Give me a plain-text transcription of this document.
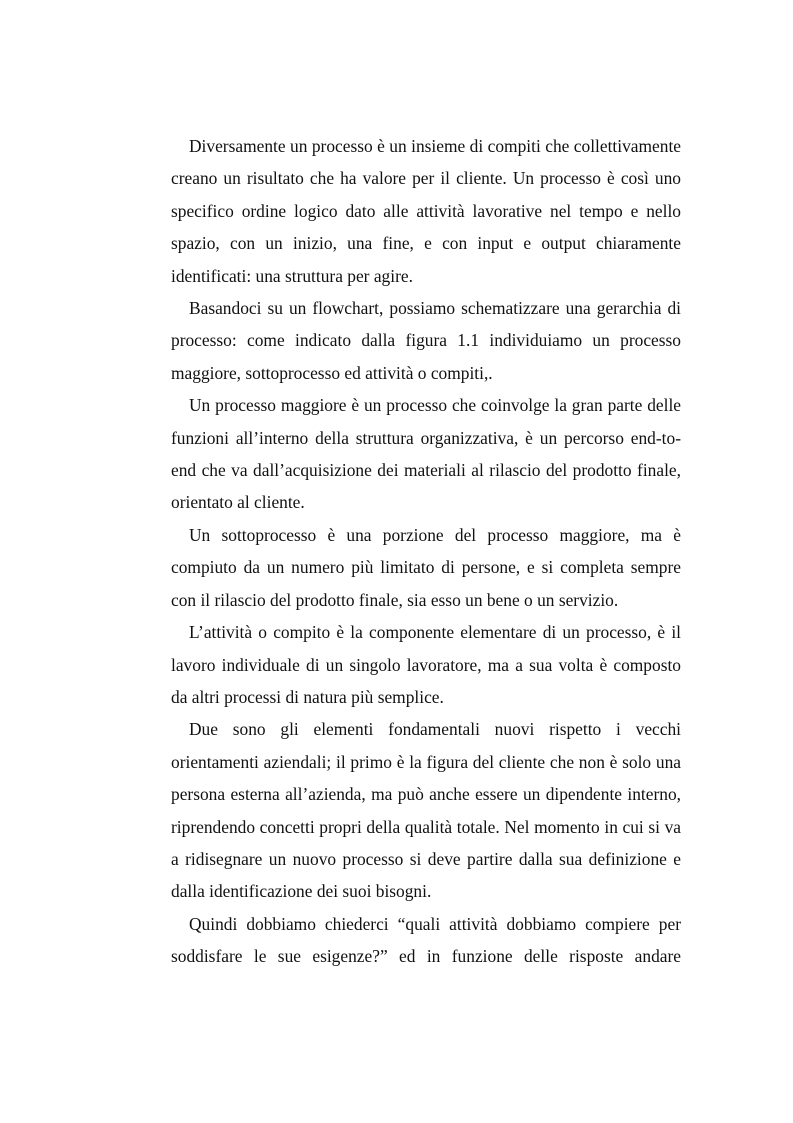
Diversamente un processo è un insieme di compiti che collettivamente creano un risultato che ha valore per il cliente. Un processo è così uno specifico ordine logico dato alle attività lavorative nel tempo e nello spazio, con un inizio, una fine, e con input e output chiaramente identificati: una struttura per agire.

Basandoci su un flowchart, possiamo schematizzare una gerarchia di processo: come indicato dalla figura 1.1 individuiamo un processo maggiore, sottoprocesso ed attività o compiti,.

Un processo maggiore è un processo che coinvolge la gran parte delle funzioni all’interno della struttura organizzativa, è un percorso end-to-end che va dall’acquisizione dei materiali al rilascio del prodotto finale, orientato al cliente.

Un sottoprocesso è una porzione del processo maggiore, ma è compiuto da un numero più limitato di persone, e si completa sempre con il rilascio del prodotto finale, sia esso un bene o un servizio.

L’attività o compito è la componente elementare di un processo, è il lavoro individuale di un singolo lavoratore, ma a sua volta è composto da altri processi di natura più semplice.

Due sono gli elementi fondamentali nuovi rispetto i vecchi orientamenti aziendali; il primo è la figura del cliente che non è solo una persona esterna all’azienda, ma può anche essere un dipendente interno, riprendendo concetti propri della qualità totale. Nel momento in cui si va a ridisegnare un nuovo processo si deve partire dalla sua definizione e dalla identificazione dei suoi bisogni.

Quindi dobbiamo chiederci “quali attività dobbiamo compiere per soddisfare le sue esigenze?” ed in funzione delle risposte andare
